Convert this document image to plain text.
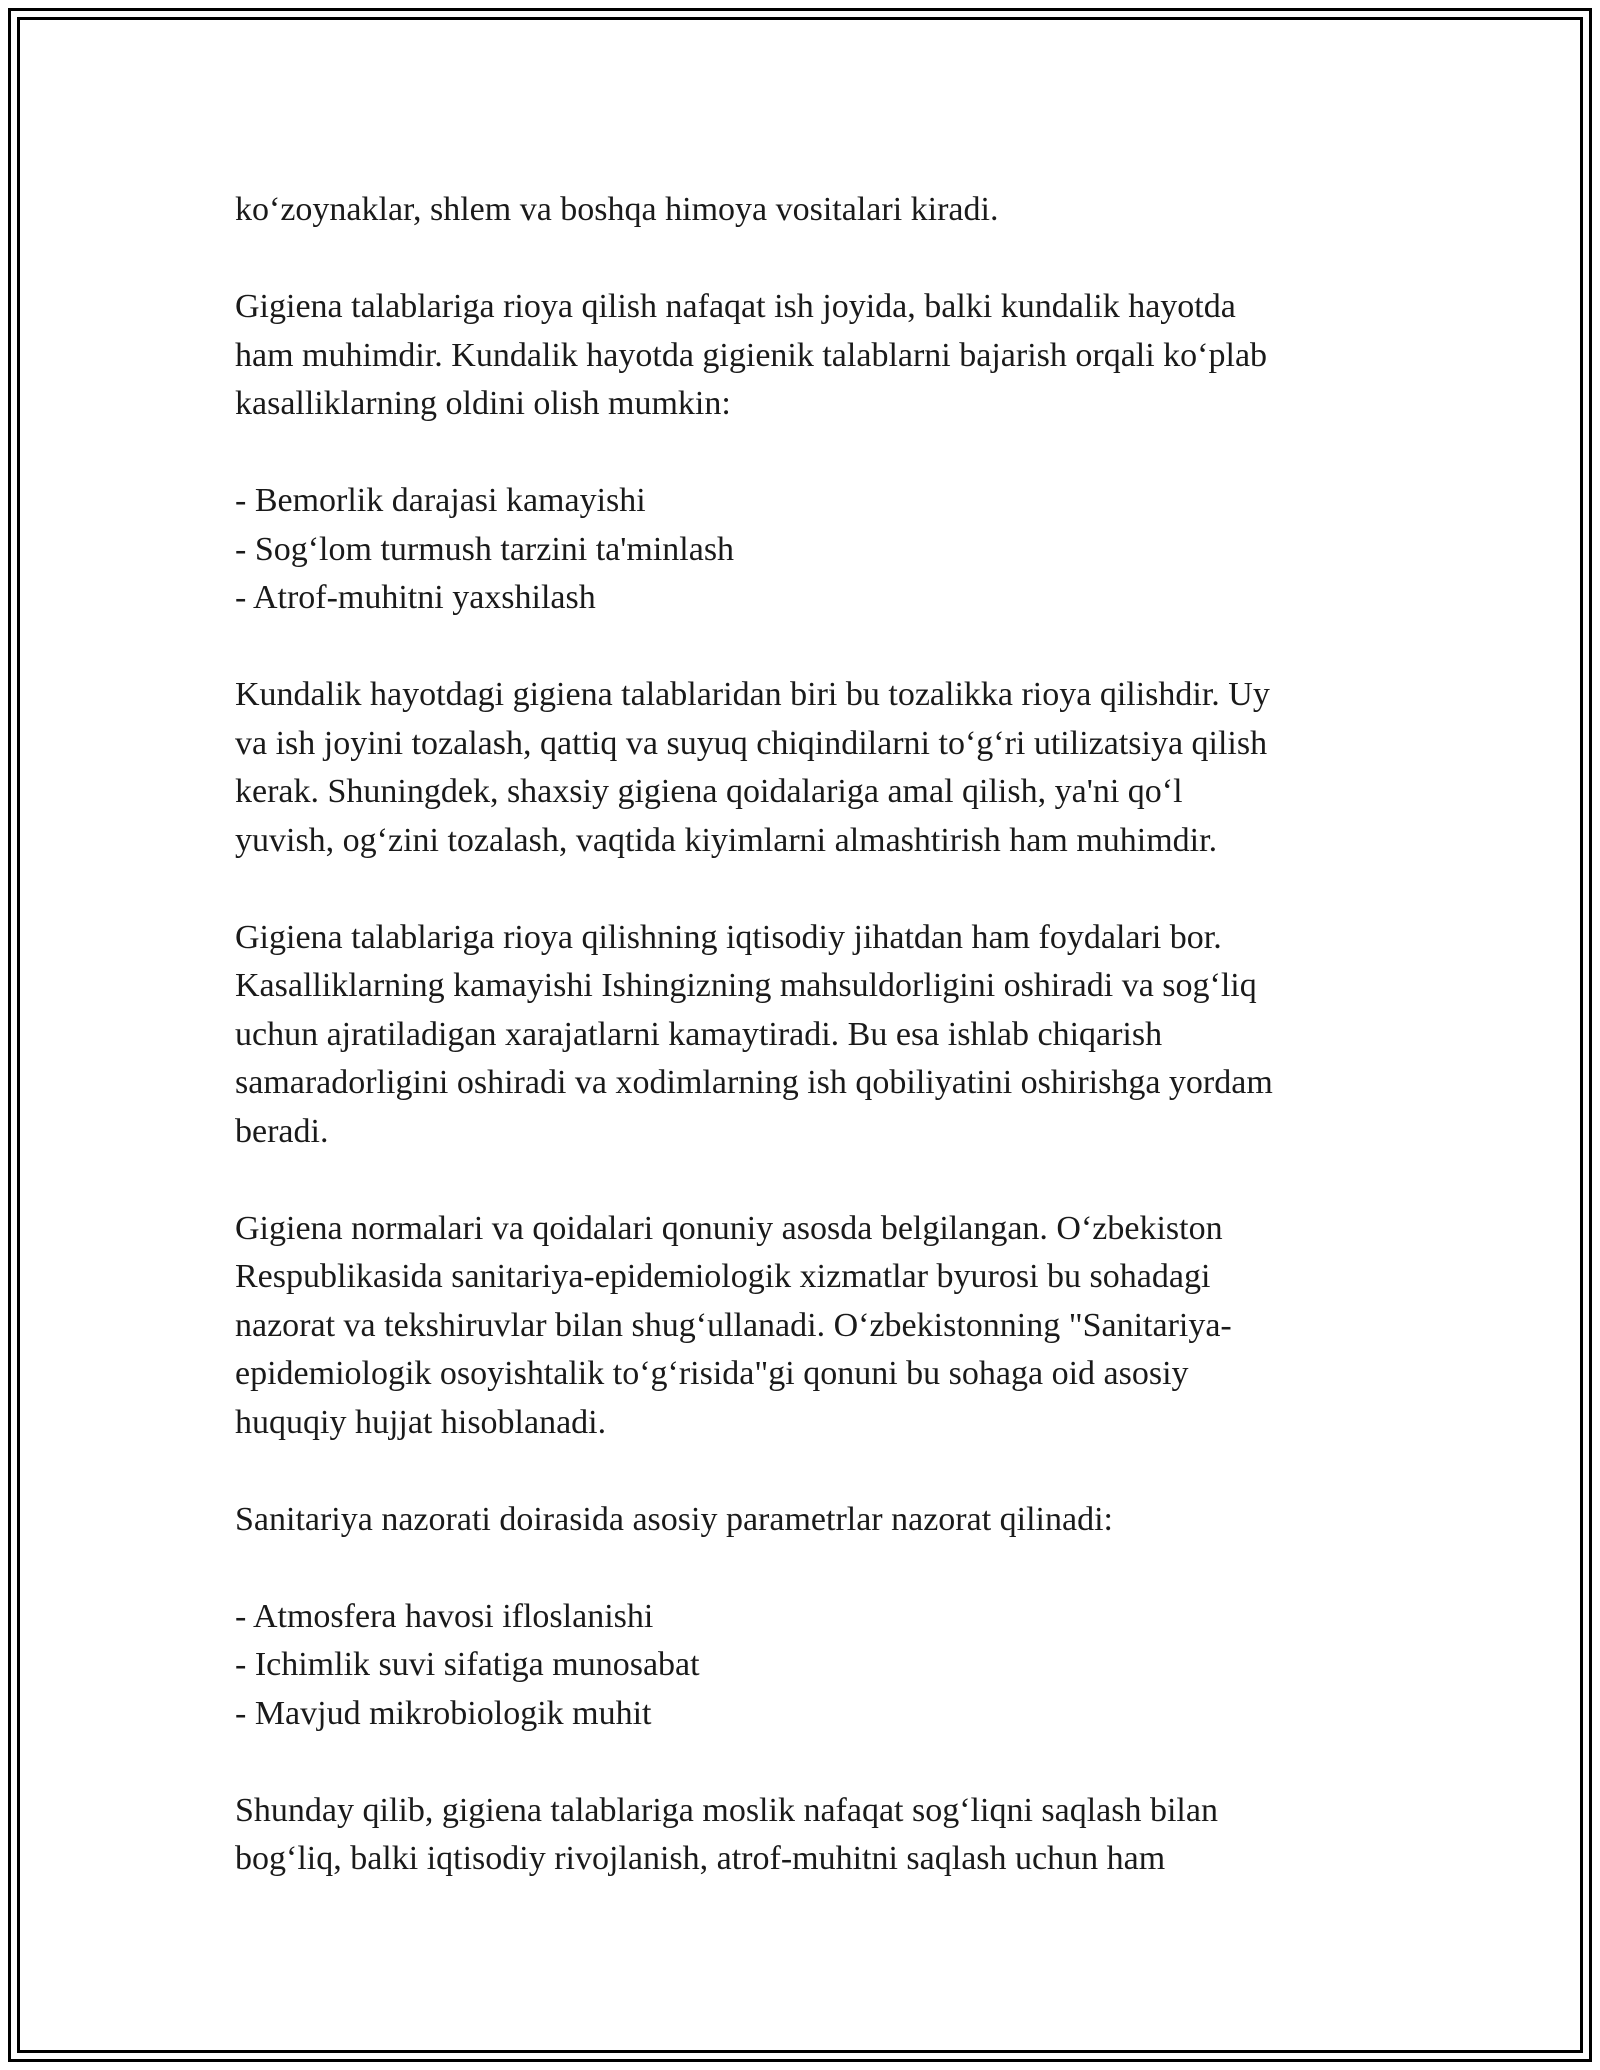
ko‘zoynaklar, shlem va boshqa himoya vositalari kiradi.

Gigiena talablariga rioya qilish nafaqat ish joyida, balki kundalik hayotda
ham muhimdir. Kundalik hayotda gigienik talablarni bajarish orqali ko‘plab
kasalliklarning oldini olish mumkin:

- Bemorlik darajasi kamayishi
- Sog‘lom turmush tarzini ta'minlash
- Atrof-muhitni yaxshilash

Kundalik hayotdagi gigiena talablaridan biri bu tozalikka rioya qilishdir. Uy
va ish joyini tozalash, qattiq va suyuq chiqindilarni to‘g‘ri utilizatsiya qilish
kerak. Shuningdek, shaxsiy gigiena qoidalariga amal qilish, ya'ni qo‘l
yuvish, og‘zini tozalash, vaqtida kiyimlarni almashtirish ham muhimdir.

Gigiena talablariga rioya qilishning iqtisodiy jihatdan ham foydalari bor.
Kasalliklarning kamayishi Ishingizning mahsuldorligini oshiradi va sog‘liq
uchun ajratiladigan xarajatlarni kamaytiradi. Bu esa ishlab chiqarish
samaradorligini oshiradi va xodimlarning ish qobiliyatini oshirishga yordam
beradi.

Gigiena normalari va qoidalari qonuniy asosda belgilangan. O‘zbekiston
Respublikasida sanitariya-epidemiologik xizmatlar byurosi bu sohadagi
nazorat va tekshiruvlar bilan shug‘ullanadi. O‘zbekistonning "Sanitariya-
epidemiologik osoyishtalik to‘g‘risida"gi qonuni bu sohaga oid asosiy
huquqiy hujjat hisoblanadi.

Sanitariya nazorati doirasida asosiy parametrlar nazorat qilinadi:

- Atmosfera havosi ifloslanishi
- Ichimlik suvi sifatiga munosabat
- Mavjud mikrobiologik muhit

Shunday qilib, gigiena talablariga moslik nafaqat sog‘liqni saqlash bilan
bog‘liq, balki iqtisodiy rivojlanish, atrof-muhitni saqlash uchun ham
